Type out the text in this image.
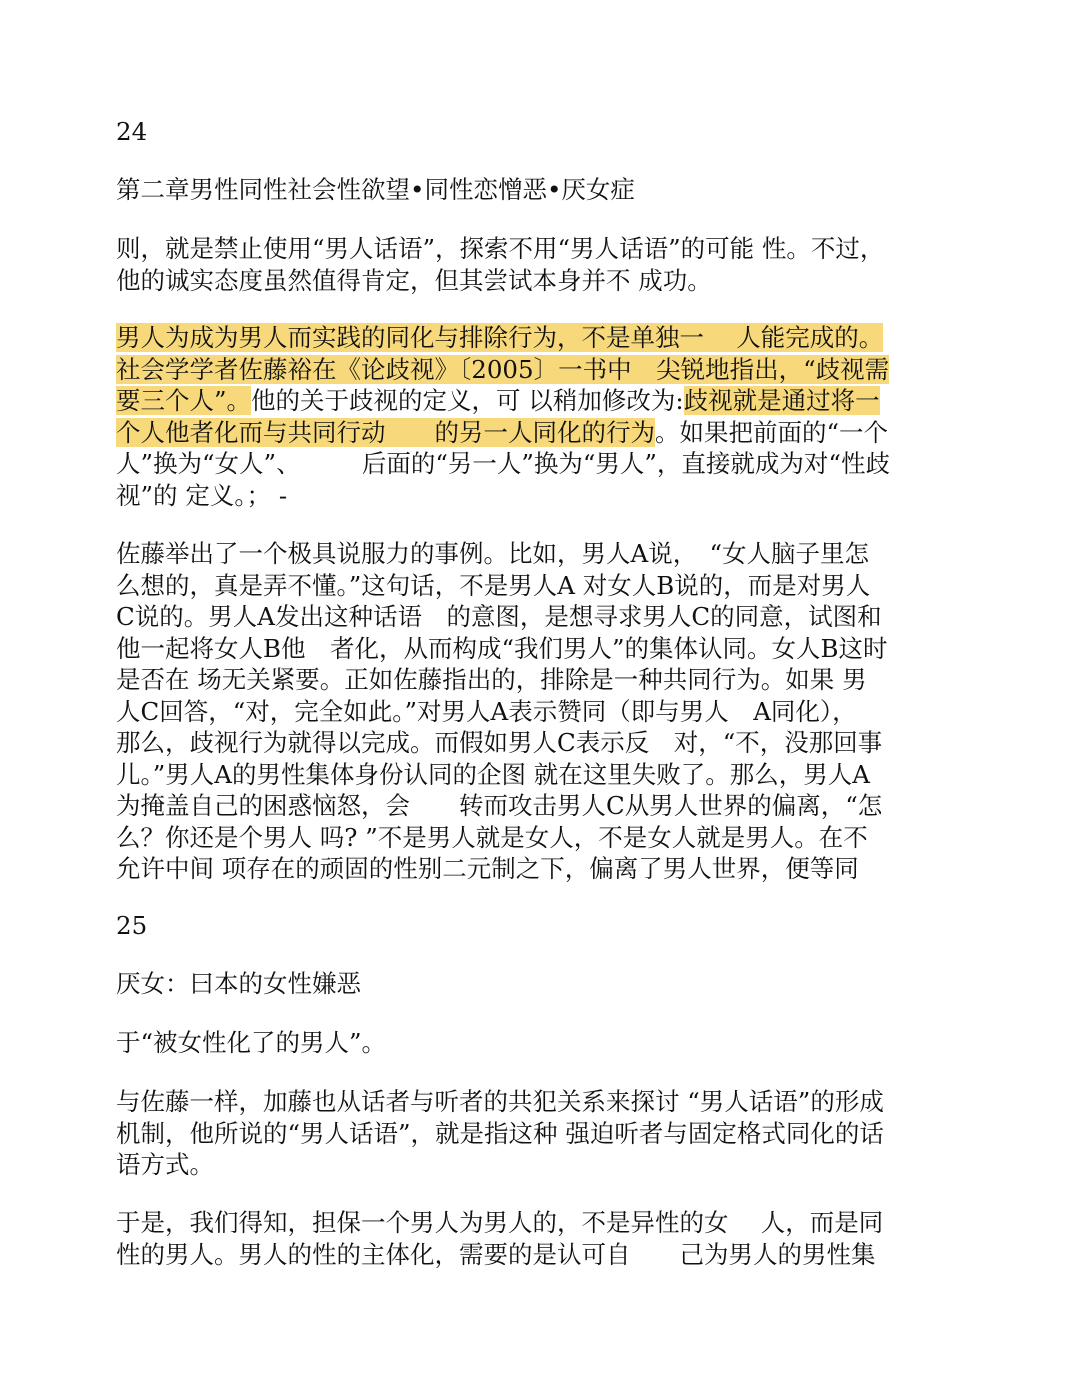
24

第二章男性同性社会性欲望•同性恋憎恶•厌女症

则，就是禁止使用“男人话语”，探索不用“男人话语”的可能 性。不过，
他的诚实态度虽然值得肯定，但其尝试本身并不 成功。

男人为成为男人而实践的同化与排除行为，不是单独一　 人能完成的。
社会学学者佐藤裕在《论歧视》〔2005〕一书中　尖锐地指出，“歧视需
要三个人”。他的关于歧视的定义，可 以稍加修改为:歧视就是通过将一
个人他者化而与共同行动　　的另一人同化的行为。如果把前面的“一个
人”换为“女人”、　　　后面的“另一人”换为“男人”，直接就成为对“性歧
视”的 定义。； -

佐藤举出了一个极具说服力的事例。比如，男人A说，　“女人脑子里怎
么想的，真是弄不懂。”这句话，不是男人A 对女人B说的，而是对男人
C说的。男人A发出这种话语　的意图，是想寻求男人C的同意，试图和
他一起将女人B他　者化，从而构成“我们男人”的集体认同。女人B这时
是否在 场无关紧要。正如佐藤指出的，排除是一种共同行为。如果 男
人C回答，“对，完全如此。”对男人A表示赞同（即与男人　A同化），
那么，歧视行为就得以完成。而假如男人C表示反　对，“不，没那回事
儿。”男人A的男性集体身份认同的企图 就在这里失败了。那么，男人A
为掩盖自己的困惑恼怒，会　　转而攻击男人C从男人世界的偏离，“怎
么？你还是个男人 吗? ”不是男人就是女人，不是女人就是男人。在不
允许中间 项存在的顽固的性别二元制之下，偏离了男人世界，便等同

25

厌女：曰本的女性嫌恶

于“被女性化了的男人”。

与佐藤一样，加藤也从话者与听者的共犯关系来探讨 “男人话语”的形成
机制，他所说的“男人话语”，就是指这种 强迫听者与固定格式同化的话
语方式。

于是，我们得知，担保一个男人为男人的，不是异性的女　 人，而是同
性的男人。男人的性的主体化，需要的是认可自　　己为男人的男性集
